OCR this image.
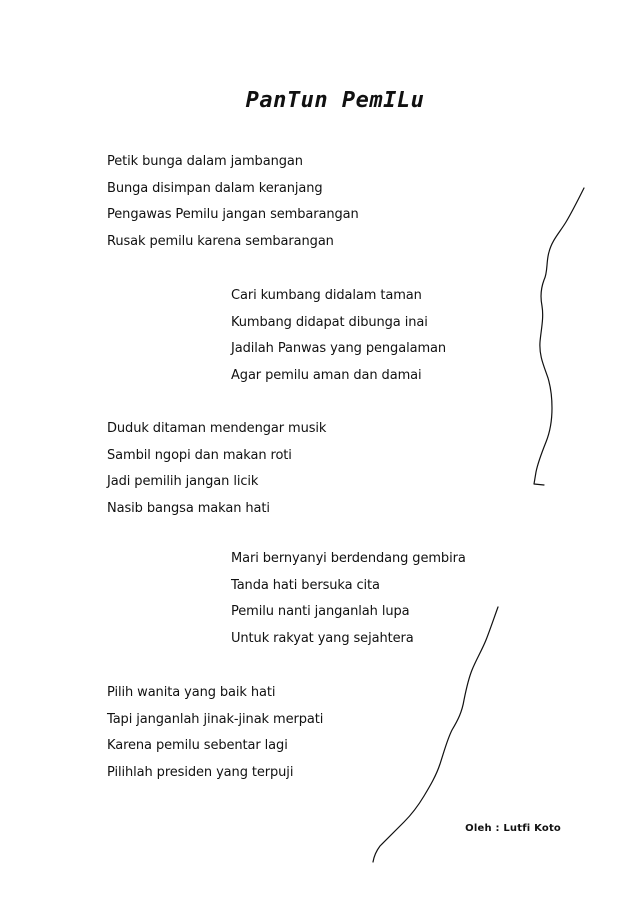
PanTun PemILu
Petik bunga dalam jambangan
Bunga disimpan dalam keranjang
Pengawas Pemilu jangan sembarangan
Rusak pemilu karena sembarangan
Cari kumbang didalam taman
Kumbang didapat dibunga inai
Jadilah Panwas yang pengalaman
Agar pemilu aman dan damai
Duduk ditaman mendengar musik
Sambil ngopi dan makan roti
Jadi pemilih jangan licik
Nasib bangsa makan hati
Mari bernyanyi berdendang gembira
Tanda hati bersuka cita
Pemilu nanti janganlah lupa
Untuk rakyat yang sejahtera
Pilih wanita yang baik hati
Tapi janganlah jinak-jinak merpati
Karena pemilu sebentar lagi
Pilihlah presiden yang terpuji
Oleh : Lutfi Koto
